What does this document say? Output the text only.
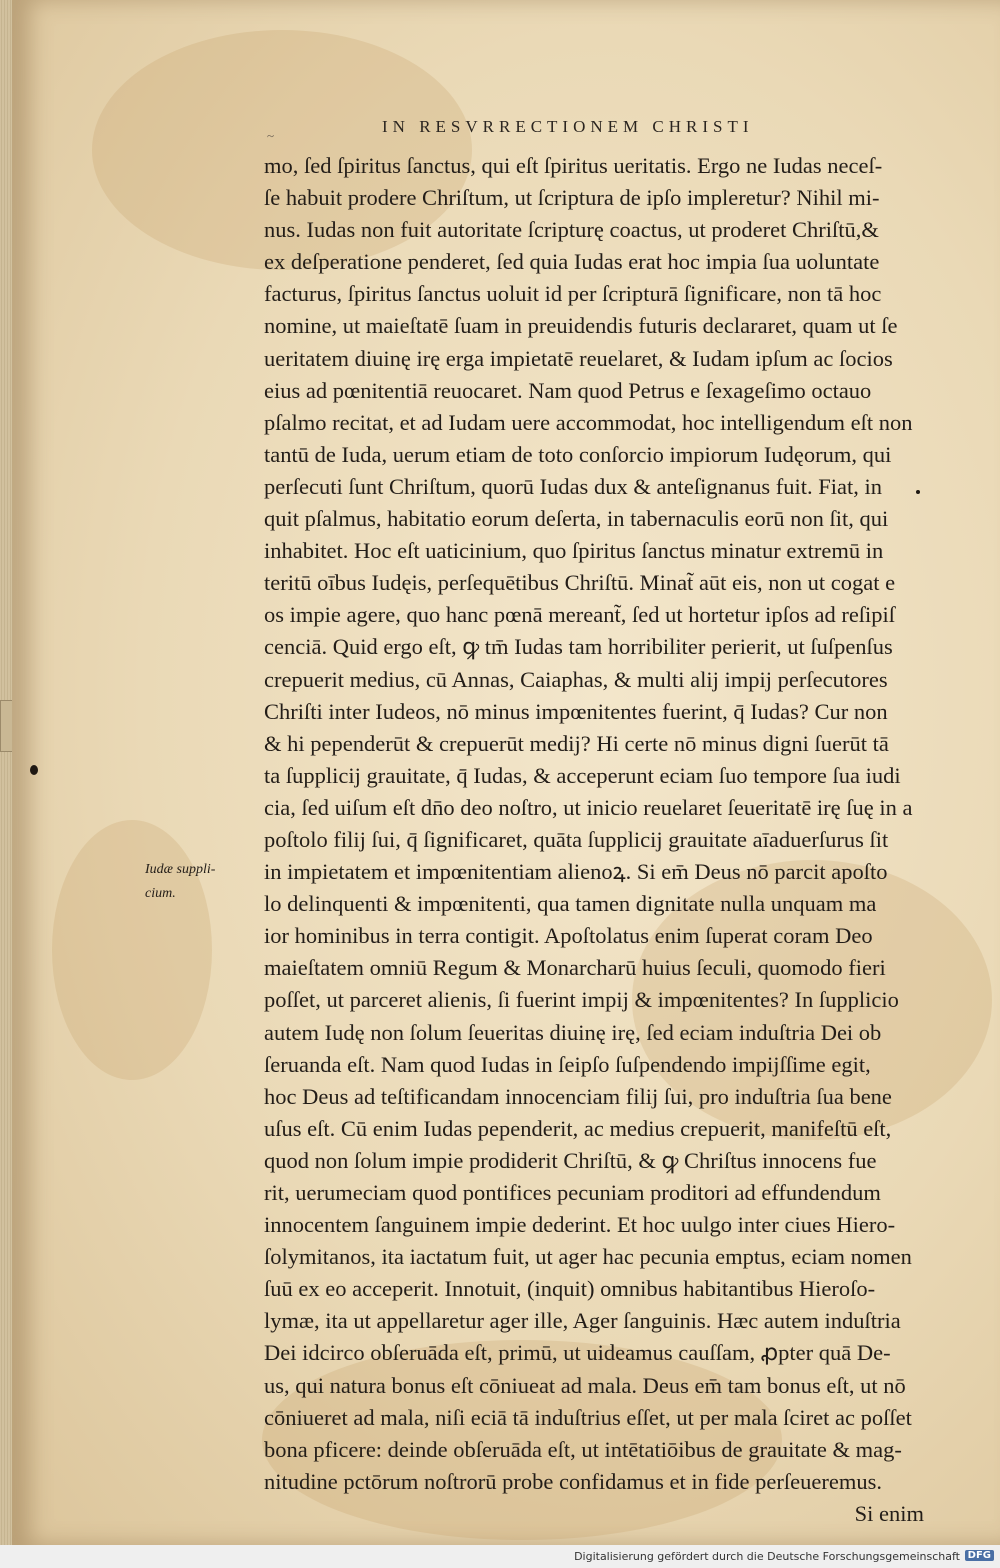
~	IN RESVRRECTIONEM CHRISTI
Iudæ suppli-
cium.
mo, ſed ſpiritus ſanctus, qui eſt ſpiritus ueritatis. Ergo ne Iudas neceſ-
ſe habuit prodere Chriſtum, ut ſcriptura de ipſo impleretur? Nihil mi-
nus. Iudas non fuit autoritate ſcripturę coactus, ut proderet Chriſtū,&
ex deſperatione penderet, ſed quia Iudas erat hoc impia ſua uoluntate
facturus, ſpiritus ſanctus uoluit id per ſcripturā ſignificare, non tā hoc
nomine, ut maieſtatē ſuam in preuidendis futuris declararet, quam ut ſe
ueritatem diuinę irę erga impietatē reuelaret, & Iudam ipſum ac ſocios
eius ad pœnitentiā reuocaret. Nam quod Petrus e ſexageſimo octauo
pſalmo recitat, et ad Iudam uere accommodat, hoc intelligendum eſt non
tantū de Iuda, uerum etiam de toto conſorcio impiorum Iudęorum, qui
perſecuti ſunt Chriſtum, quorū Iudas dux & anteſignanus fuit. Fiat, in
quit pſalmus, habitatio eorum deſerta, in tabernaculis eorū non ſit, qui
inhabitet. Hoc eſt uaticinium, quo ſpiritus ſanctus minatur extremū in
teritū oībus Iudęis, perſequētibus Chriſtū. Minat̃ aūt eis, non ut cogat e
os impie agere, quo hanc pœnā mereant̃, ſed ut hortetur ipſos ad reſipiſ
cenciā. Quid ergo eſt, ꝙ tm̄ Iudas tam horribiliter perierit, ut ſuſpenſus
crepuerit medius, cū Annas, Caiaphas, & multi alij impij perſecutores
Chriſti inter Iudeos, nō minus impœnitentes fuerint, q̄ Iudas? Cur non
& hi pependerūt & crepuerūt medij? Hi certe nō minus digni ſuerūt tā
ta ſupplicij grauitate, q̄ Iudas, & acceperunt eciam ſuo tempore ſua iudi
cia, ſed uiſum eſt dn̄o deo noſtro, ut inicio reuelaret ſeueritatē irę ſuę in a
poſtolo filij ſui, q̄ ſignificaret, quāta ſupplicij grauitate aīaduerſurus ſit
in impietatem et impœnitentiam alienoꝝ. Si em̄ Deus nō parcit apoſto
lo delinquenti & impœnitenti, qua tamen dignitate nulla unquam ma
ior hominibus in terra contigit. Apoſtolatus enim ſuperat coram Deo
maieſtatem omniū Regum & Monarcharū huius ſeculi, quomodo fieri
poſſet, ut parceret alienis, ſi fuerint impij & impœnitentes? In ſupplicio
autem Iudę non ſolum ſeueritas diuinę irę, ſed eciam induſtria Dei ob
ſeruanda eſt. Nam quod Iudas in ſeipſo ſuſpendendo impijſſime egit,
hoc Deus ad teſtificandam innocenciam filij ſui, pro induſtria ſua bene
uſus eſt. Cū enim Iudas pependerit, ac medius crepuerit, manifeſtū eſt,
quod non ſolum impie prodiderit Chriſtū, & ꝙ Chriſtus innocens fue
rit, uerumeciam quod pontifices pecuniam proditori ad effundendum
innocentem ſanguinem impie dederint. Et hoc uulgo inter ciues Hiero-
ſolymitanos, ita iactatum fuit, ut ager hac pecunia emptus, eciam nomen
ſuū ex eo acceperit. Innotuit, (inquit) omnibus habitantibus Hieroſo-
lymæ, ita ut appellaretur ager ille, Ager ſanguinis. Hæc autem induſtria
Dei idcirco obſeruāda eſt, primū, ut uideamus cauſſam, ꝓpter quā De-
us, qui natura bonus eſt cōniueat ad mala. Deus em̄ tam bonus eſt, ut nō
cōniueret ad mala, niſi eciā tā induſtrius eſſet, ut per mala ſciret ac poſſet
bona pficere: deinde obſeruāda eſt, ut intētatiōibus de grauitate & mag-
nitudine pctōrum noſtrorū probe confidamus et in fide perſeueremus.
Si enim
Digitalisierung gefördert durch die Deutsche Forschungsgemeinschaft DFG
